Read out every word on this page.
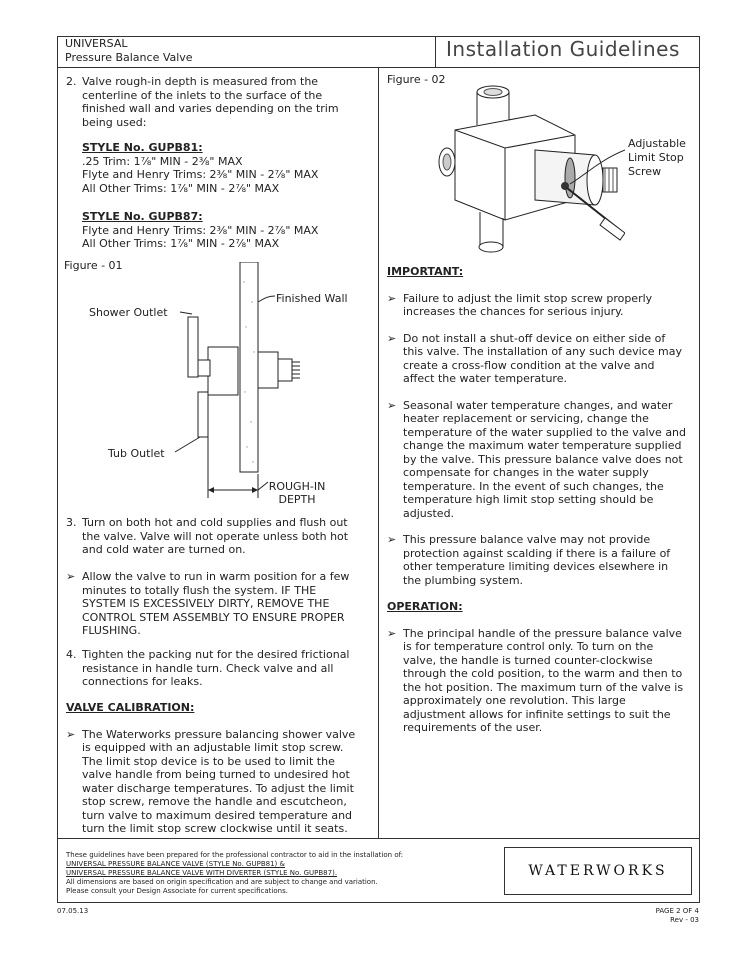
UNIVERSAL
Pressure Balance Valve	Installation Guidelines
2. Valve rough-in depth is measured from the
centerline of the inlets to the surface of the
finished wall and varies depending on the trim
being used:
STYLE No. GUPB81:
.25 Trim: 1⅞" MIN - 2⅜" MAX
Flyte and Henry Trims: 2⅜" MIN - 2⅞" MAX
All Other Trims: 1⅞" MIN - 2⅞" MAX
STYLE No. GUPB87:
Flyte and Henry Trims: 2⅜" MIN - 2⅞" MAX
All Other Trims: 1⅞" MIN - 2⅞" MAX
Figure - 01
Finished Wall
Shower Outlet
Tub Outlet
ROUGH-IN
DEPTH
3. Turn on both hot and cold supplies and flush out
the valve. Valve will not operate unless both hot
and cold water are turned on.
➢ Allow the valve to run in warm position for a few
minutes to totally flush the system. IF THE
SYSTEM IS EXCESSIVELY DIRTY, REMOVE THE
CONTROL STEM ASSEMBLY TO ENSURE PROPER
FLUSHING.
4. Tighten the packing nut for the desired frictional
resistance in handle turn. Check valve and all
connections for leaks.
VALVE CALIBRATION:
➢ The Waterworks pressure balancing shower valve
is equipped with an adjustable limit stop screw.
The limit stop device is to be used to limit the
valve handle from being turned to undesired hot
water discharge temperatures. To adjust the limit
stop screw, remove the handle and escutcheon,
turn valve to maximum desired temperature and
turn the limit stop screw clockwise until it seats.
Figure - 02
Adjustable
Limit Stop
Screw
IMPORTANT:
➢ Failure to adjust the limit stop screw properly
increases the chances for serious injury.
➢ Do not install a shut-off device on either side of
this valve. The installation of any such device may
create a cross-flow condition at the valve and
affect the water temperature.
➢ Seasonal water temperature changes, and water
heater replacement or servicing, change the
temperature of the water supplied to the valve and
change the maximum water temperature supplied
by the valve. This pressure balance valve does not
compensate for changes in the water supply
temperature. In the event of such changes, the
temperature high limit stop setting should be
adjusted.
➢ This pressure balance valve may not provide
protection against scalding if there is a failure of
other temperature limiting devices elsewhere in
the plumbing system.
OPERATION:
➢ The principal handle of the pressure balance valve
is for temperature control only. To turn on the
valve, the handle is turned counter-clockwise
through the cold position, to the warm and then to
the hot position. The maximum turn of the valve is
approximately one revolution. This large
adjustment allows for infinite settings to suit the
requirements of the user.
These guidelines have been prepared for the professional contractor to aid in the installation of:
UNIVERSAL PRESSURE BALANCE VALVE (STYLE No. GUPB81) &
UNIVERSAL PRESSURE BALANCE VALVE WITH DIVERTER (STYLE No. GUPB87).
All dimensions are based on origin specification and are subject to change and variation.
Please consult your Design Associate for current specifications.
WATERWORKS
07.05.13	PAGE 2 OF 4
Rev - 03
